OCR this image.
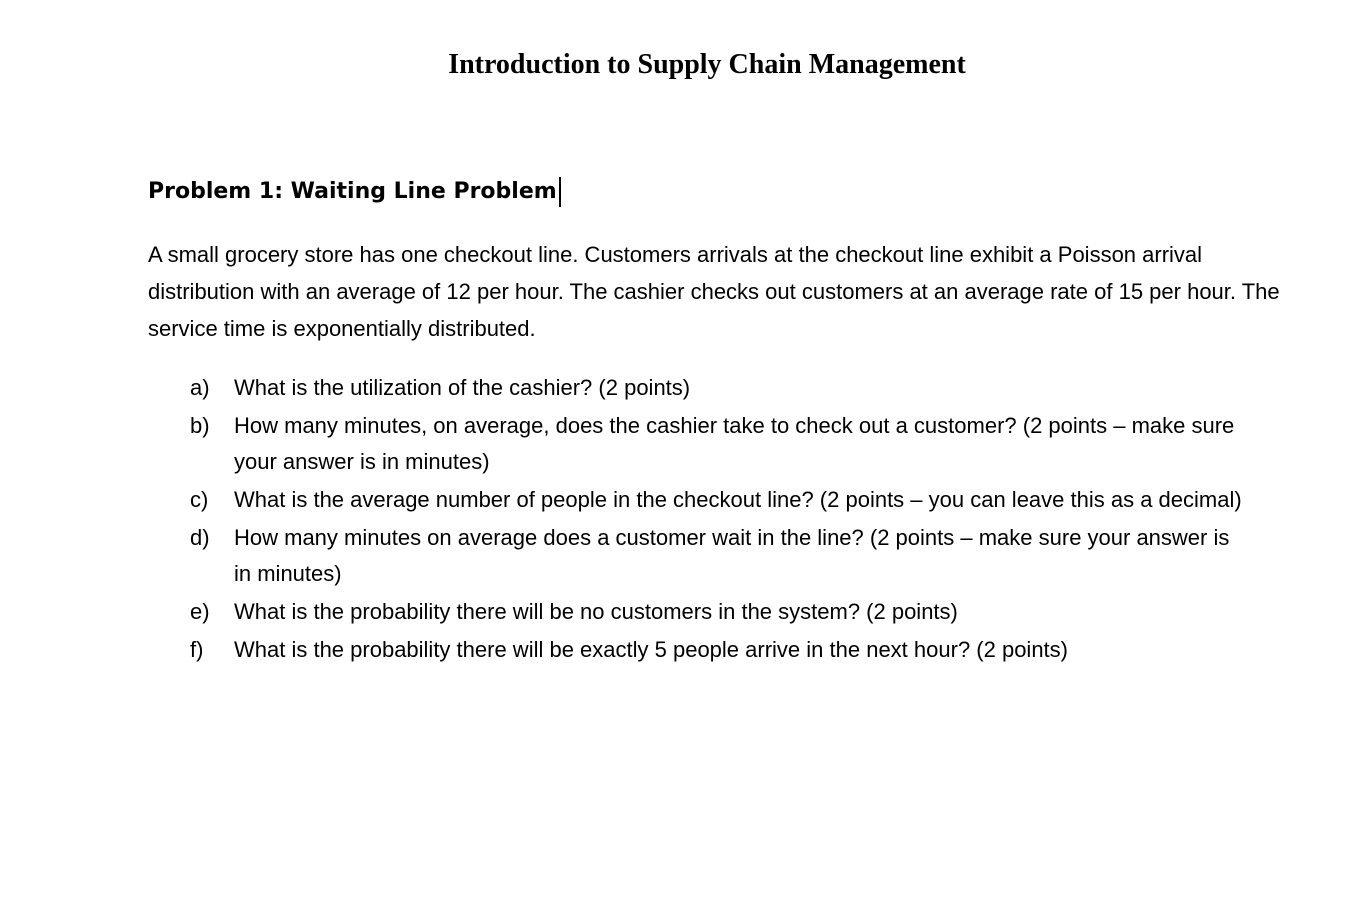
Introduction to Supply Chain Management
Problem 1: Waiting Line Problem

A small grocery store has one checkout line. Customers arrivals at the checkout line exhibit a Poisson arrival distribution with an average of 12 per hour. The cashier checks out customers at an average rate of 15 per hour. The service time is exponentially distributed.

a)	What is the utilization of the cashier? (2 points)
b)	How many minutes, on average, does the cashier take to check out a customer? (2 points – make sure your answer is in minutes)
c)	What is the average number of people in the checkout line? (2 points – you can leave this as a decimal)
d)	How many minutes on average does a customer wait in the line? (2 points – make sure your answer is in minutes)
e)	What is the probability there will be no customers in the system? (2 points)
f)	What is the probability there will be exactly 5 people arrive in the next hour? (2 points)
